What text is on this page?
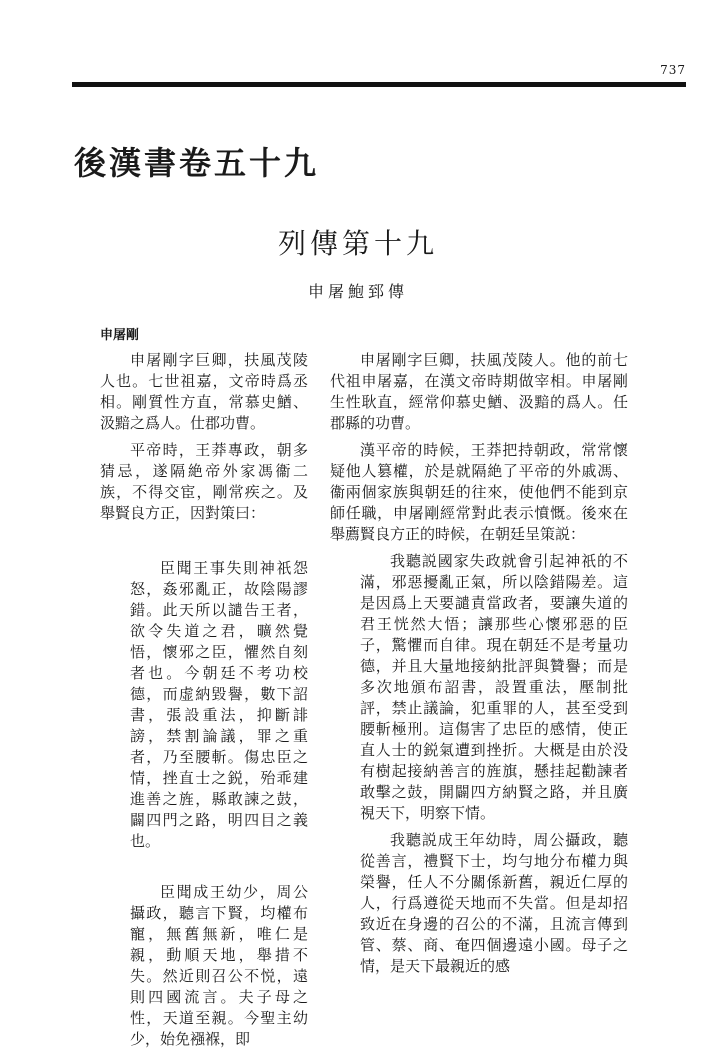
737
後漢書卷五十九
列傳第十九
申屠鮑郅傳
申屠剛

申屠剛字巨卿，扶風茂陵人也。七世祖嘉，文帝時爲丞相。剛質性方直，常慕史鰌、汲黯之爲人。仕郡功曹。

平帝時，王莽專政，朝多猜忌，遂隔絶帝外家馮衞二族，不得交宦，剛常疾之。及舉賢良方正，因對策曰：

臣聞王事失則神祇怨怒，姦邪亂正，故陰陽謬錯。此天所以譴告王者，欲令失道之君，曠然覺悟，懷邪之臣，懼然自刻者也。今朝廷不考功校德，而虚納毀譽，數下詔書，張設重法，抑斷誹謗，禁割論議，罪之重者，乃至腰斬。傷忠臣之情，挫直士之鋭，殆乖建進善之旌，縣敢諫之鼓，闢四門之路，明四目之義也。

臣聞成王幼少，周公攝政，聽言下賢，均權布寵，無舊無新，唯仁是親，動順天地，舉措不失。然近則召公不悦，遠則四國流言。夫子母之性，天道至親。今聖主幼少，始免襁褓，即

申屠剛字巨卿，扶風茂陵人。他的前七代祖申屠嘉，在漢文帝時期做宰相。申屠剛生性耿直，經常仰慕史鰌、汲黯的爲人。任郡縣的功曹。

漢平帝的時候，王莽把持朝政，常常懷疑他人篡權，於是就隔絶了平帝的外戚馮、衞兩個家族與朝廷的往來，使他們不能到京師任職，申屠剛經常對此表示憤慨。後來在舉薦賢良方正的時候，在朝廷呈策説：

我聽説國家失政就會引起神祇的不滿，邪惡擾亂正氣，所以陰錯陽差。這是因爲上天要譴責當政者，要讓失道的君王恍然大悟；讓那些心懷邪惡的臣子，驚懼而自律。現在朝廷不是考量功德，并且大量地接納批評與贊譽；而是多次地頒布詔書，設置重法，壓制批評，禁止議論，犯重罪的人，甚至受到腰斬極刑。這傷害了忠臣的感情，使正直人士的鋭氣遭到挫折。大概是由於没有樹起接納善言的旌旗，懸挂起勸諫者敢擊之鼓，開闢四方納賢之路，并且廣視天下，明察下情。

我聽説成王年幼時，周公攝政，聽從善言，禮賢下士，均勻地分布權力與榮譽，任人不分關係新舊，親近仁厚的人，行爲遵從天地而不失當。但是却招致近在身邊的召公的不滿，且流言傳到管、蔡、商、奄四個邊遠小國。母子之情，是天下最親近的感
